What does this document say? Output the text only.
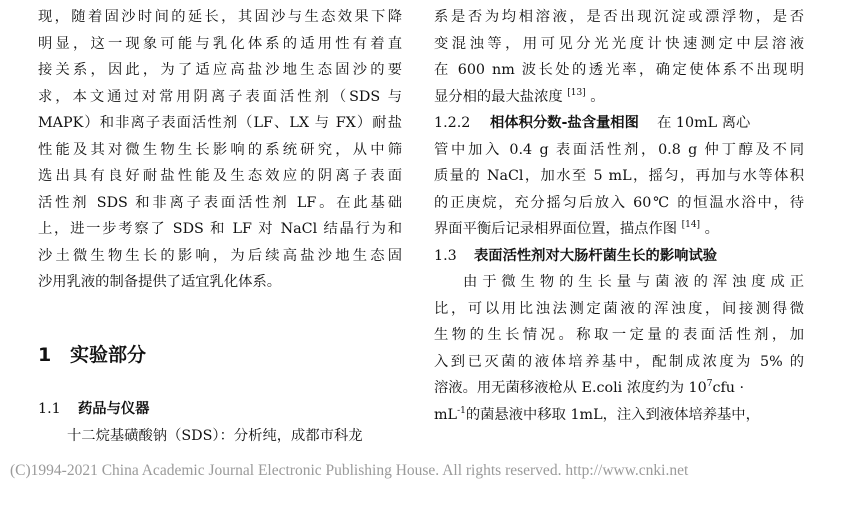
现，随着固沙时间的延长，其固沙与生态效果下降
明显，这一现象可能与乳化体系的适用性有着直
接关系，因此，为了适应高盐沙地生态固沙的要
求，本文通过对常用阴离子表面活性剂（SDS 与
MAPK）和非离子表面活性剂（LF、LX 与 FX）耐盐
性能及其对微生物生长影响的系统研究，从中筛
选出具有良好耐盐性能及生态效应的阴离子表面
活性剂 SDS 和非离子表面活性剂 LF。在此基础
上，进一步考察了 SDS 和 LF 对 NaCl 结晶行为和
沙土微生物生长的影响，为后续高盐沙地生态固
沙用乳液的制备提供了适宜乳化体系。
1 实验部分
1.1 药品与仪器
十二烷基磺酸钠（SDS）：分析纯，成都市科龙
系是否为均相溶液，是否出现沉淀或漂浮物，是否
变混浊等，用可见分光光度计快速测定中层溶液
在 600 nm 波长处的透光率，确定使体系不出现明
显分相的最大盐浓度 [13] 。
1.2.2 相体积分数-盐含量相图 在 10mL 离心
管中加入 0.4 g 表面活性剂，0.8 g 仲丁醇及不同
质量的 NaCl，加水至 5 mL，摇匀，再加与水等体积
的正庚烷，充分摇匀后放入 60℃ 的恒温水浴中，待
界面平衡后记录相界面位置，描点作图 [14] 。
1.3 表面活性剂对大肠杆菌生长的影响试验
由于微生物的生长量与菌液的浑浊度成正
比，可以用比浊法测定菌液的浑浊度，间接测得微
生物的生长情况。称取一定量的表面活性剂，加
入到已灭菌的液体培养基中，配制成浓度为 5% 的
溶液。用无菌移液枪从 E.coli 浓度约为 $10^7cfu$ ·
$mL^{-1}$的菌悬液中移取 1mL，注入到液体培养基中，
(C)1994-2021 China Academic Journal Electronic Publishing House. All rights reserved. http://www.cnki.net
